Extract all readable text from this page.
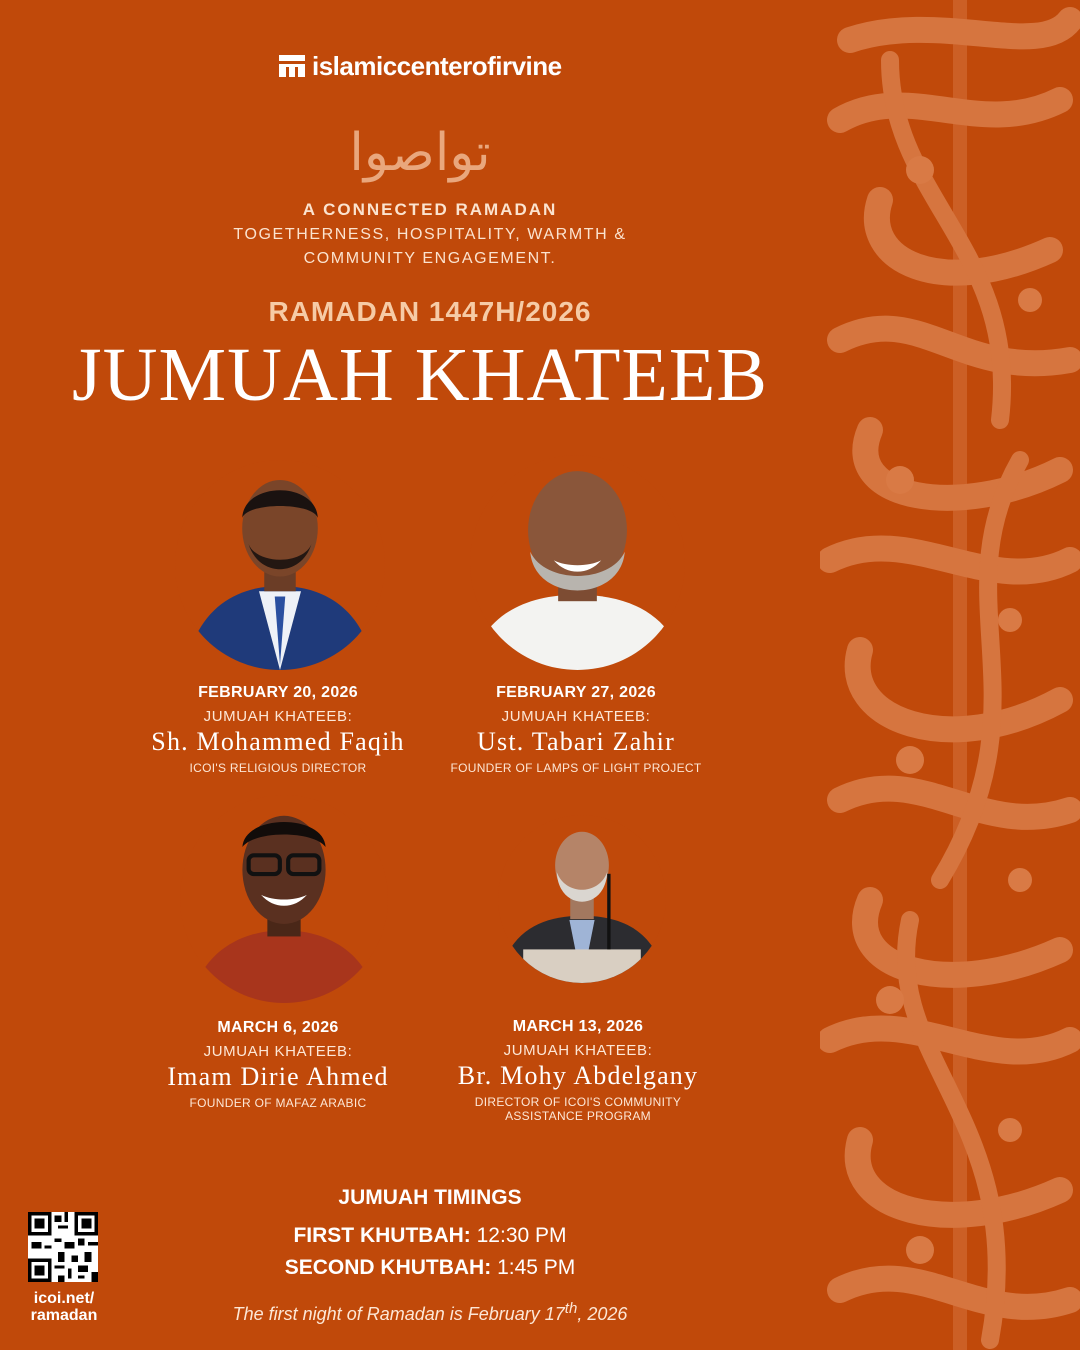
islamiccenterofirvine
تواصوا
A CONNECTED RAMADAN
TOGETHERNESS, HOSPITALITY, WARMTH &
COMMUNITY ENGAGEMENT.
RAMADAN 1447H/2026
JUMUAH KHATEEB
FEBRUARY 20, 2026
JUMUAH KHATEEB:
Sh. Mohammed Faqih
ICOI'S RELIGIOUS DIRECTOR
FEBRUARY 27, 2026
JUMUAH KHATEEB:
Ust. Tabari Zahir
FOUNDER OF LAMPS OF LIGHT PROJECT
MARCH 6, 2026
JUMUAH KHATEEB:
Imam Dirie Ahmed
FOUNDER OF MAFAZ ARABIC
MARCH 13, 2026
JUMUAH KHATEEB:
Br. Mohy Abdelgany
DIRECTOR OF ICOI'S COMMUNITY
ASSISTANCE PROGRAM
JUMUAH TIMINGS
FIRST KHUTBAH: 12:30 PM
SECOND KHUTBAH: 1:45 PM
The first night of Ramadan is February 17th, 2026
icoi.net/
ramadan
